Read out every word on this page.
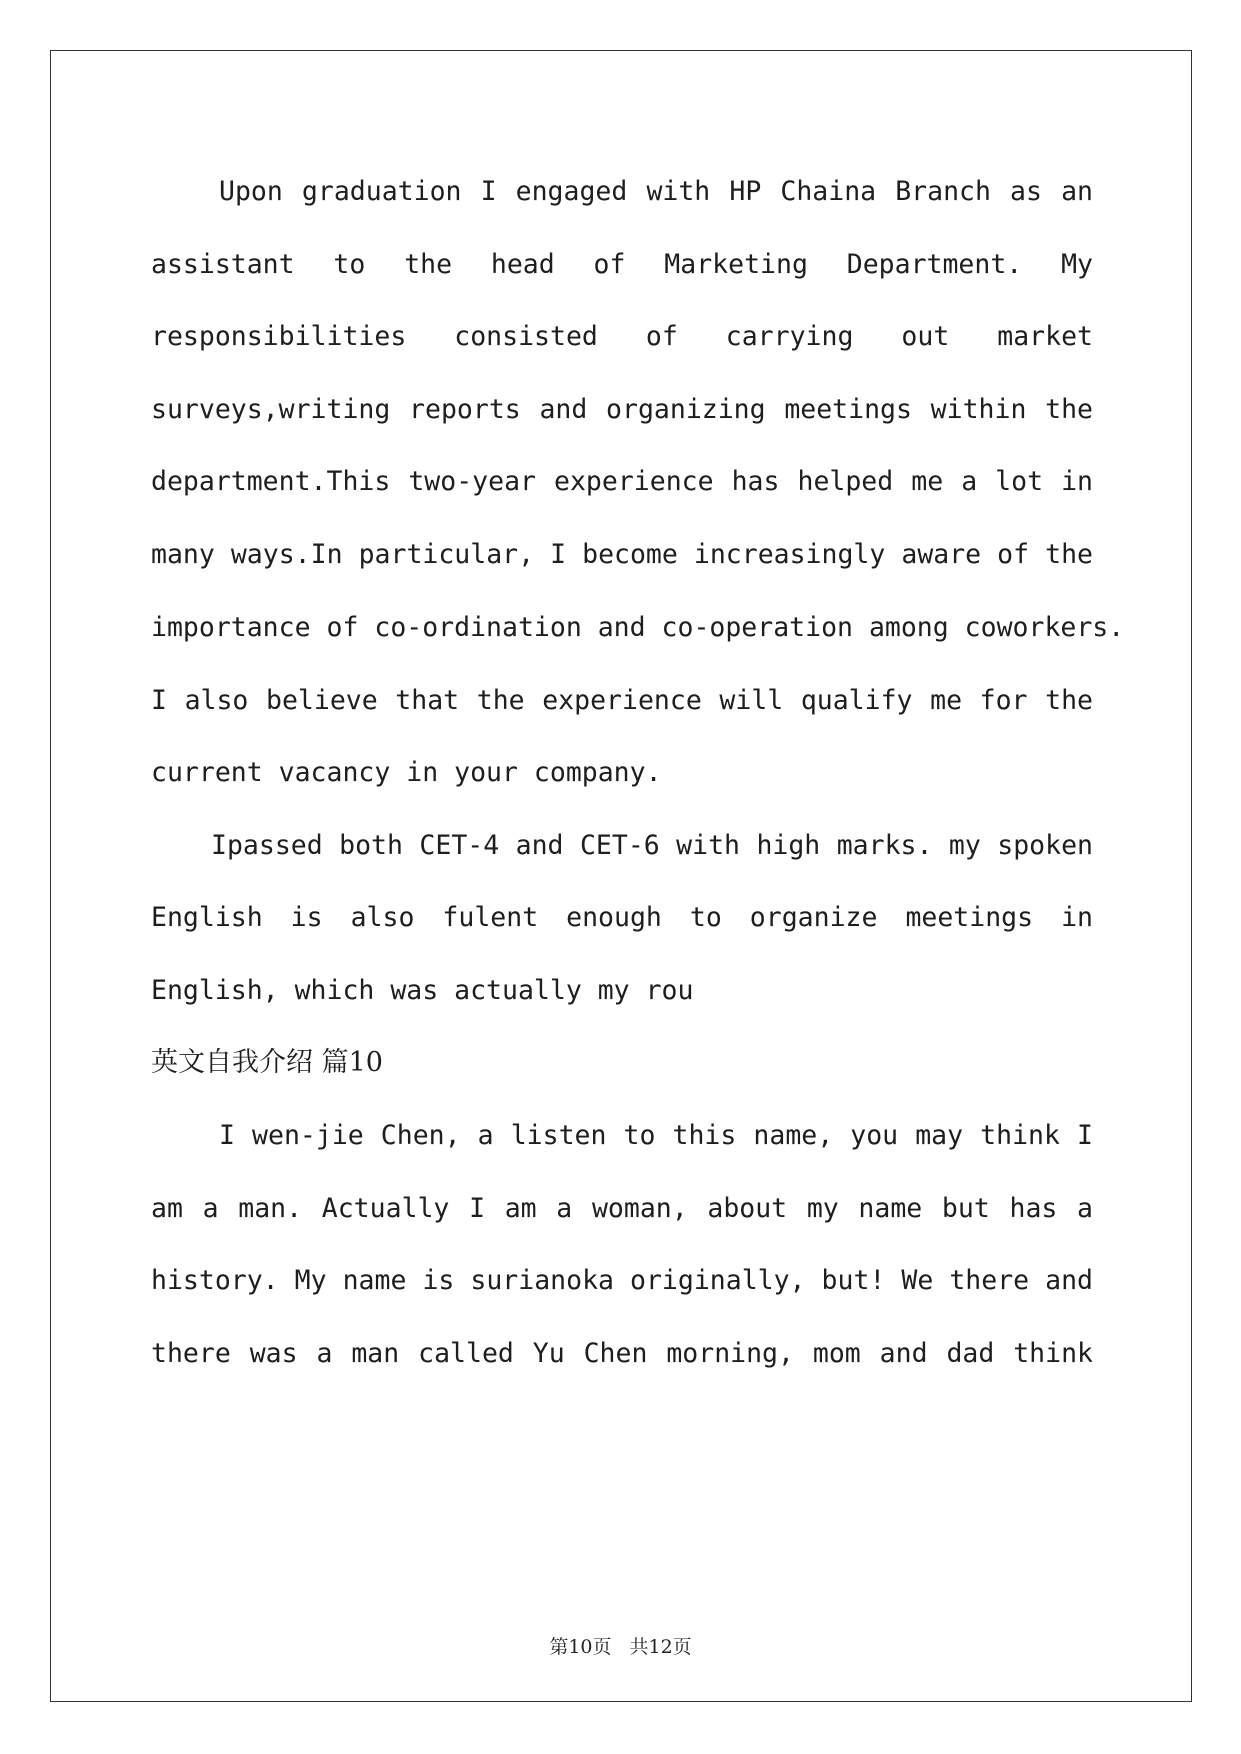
Upon graduation I engaged with HP Chaina Branch as an
assistant to the head of Marketing Department. My
responsibilities consisted of carrying out market
surveys,writing reports and organizing meetings within the
department.This two-year experience has helped me a lot in
many ways.In particular, I become increasingly aware of the
importance of co-ordination and co-operation among coworkers.
I also believe that the experience will qualify me for the
current vacancy in your company.
Ipassed both CET-4 and CET-6 with high marks. my spoken
English is also fulent enough to organize meetings in
English, which was actually my rou
英文自我介绍 篇10
I wen-jie Chen, a listen to this name, you may think I
am a man. Actually I am a woman, about my name but has a
history. My name is surianoka originally, but! We there and
there was a man called Yu Chen morning, mom and dad think
第10页 共12页
